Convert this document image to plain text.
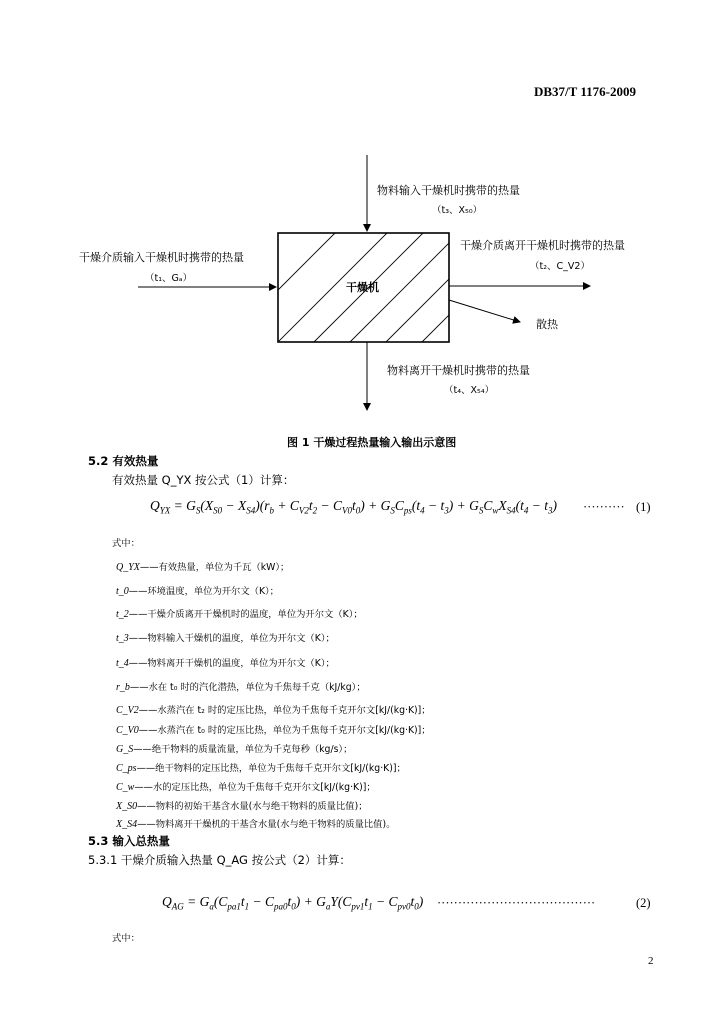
DB37/T 1176-2009
物料输入干燥机时携带的热量
（t₃、X₅₀）
干燥介质输入干燥机时携带的热量
（t₁、Gₐ）
干燥介质离开干燥机时携带的热量
（t₂、C_V2）
干燥机
散热
物料离开干燥机时携带的热量
（t₄、X₅₄）
图 1 干燥过程热量输入输出示意图
5.2 有效热量
有效热量 Q_YX 按公式（1）计算：
$Q_{YX} = G_S(X_{S0} - X_{S4})(r_b + C_{V2}t_2 - C_{V0}t_0) + G_SC_{ps}(t_4 - t_3) + G_SC_wX_{S4}(t_4 - t_3)$ ·········· (1)
式中：
Q_YX——有效热量，单位为千瓦（kW）；
t_0——环境温度，单位为开尔文（K）；
t_2——干燥介质离开干燥机时的温度，单位为开尔文（K）；
t_3——物料输入干燥机的温度，单位为开尔文（K）；
t_4——物料离开干燥机的温度，单位为开尔文（K）；
r_b——水在 t₀ 时的汽化潜热，单位为千焦每千克（kJ/kg）；
C_V2——水蒸汽在 t₂ 时的定压比热，单位为千焦每千克开尔文[kJ/(kg·K)]；
C_V0——水蒸汽在 t₀ 时的定压比热，单位为千焦每千克开尔文[kJ/(kg·K)]；
G_S——绝干物料的质量流量，单位为千克每秒（kg/s）；
C_ps——绝干物料的定压比热，单位为千焦每千克开尔文[kJ/(kg·K)]；
C_w——水的定压比热，单位为千焦每千克开尔文[kJ/(kg·K)]；
X_S0——物料的初始干基含水量(水与绝干物料的质量比值)；
X_S4——物料离开干燥机的干基含水量(水与绝干物料的质量比值)。
5.3 输入总热量
5.3.1 干燥介质输入热量 Q_AG 按公式（2）计算：
$Q_{AG} = G_a(C_{pa1}t_1 - C_{pa0}t_0) + G_aY(C_{pv1}t_1 - C_{pv0}t_0)$ ······································	(2)
式中：
2
